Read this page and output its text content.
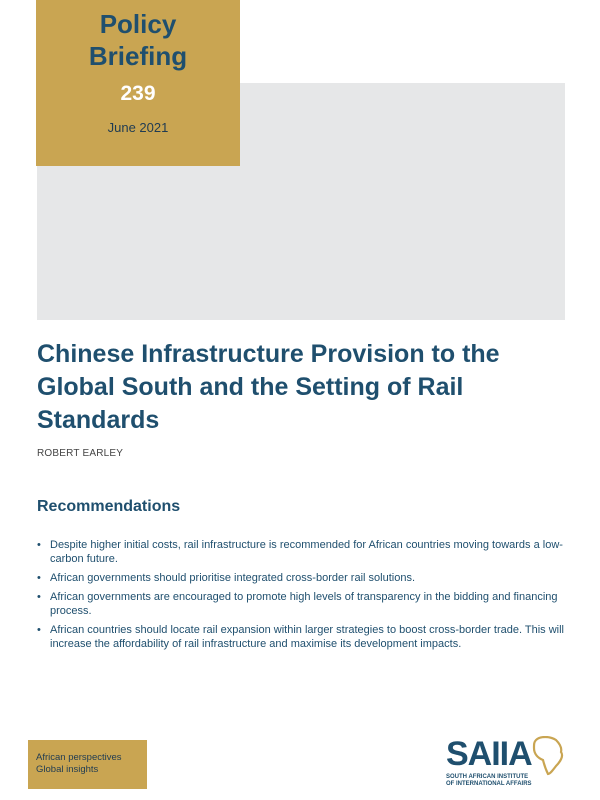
Policy Briefing
239
June 2021
Chinese Infrastructure Provision to the Global South and the Setting of Rail Standards
ROBERT EARLEY
Recommendations
• Despite higher initial costs, rail infrastructure is recommended for African countries moving towards a low-carbon future.
• African governments should prioritise integrated cross-border rail solutions.
• African governments are encouraged to promote high levels of transparency in the bidding and financing process.
• African countries should locate rail expansion within larger strategies to boost cross-border trade. This will increase the affordability of rail infrastructure and maximise its development impacts.
African perspectives
Global insights	SAIIA
SOUTH AFRICAN INSTITUTE
OF INTERNATIONAL AFFAIRS
